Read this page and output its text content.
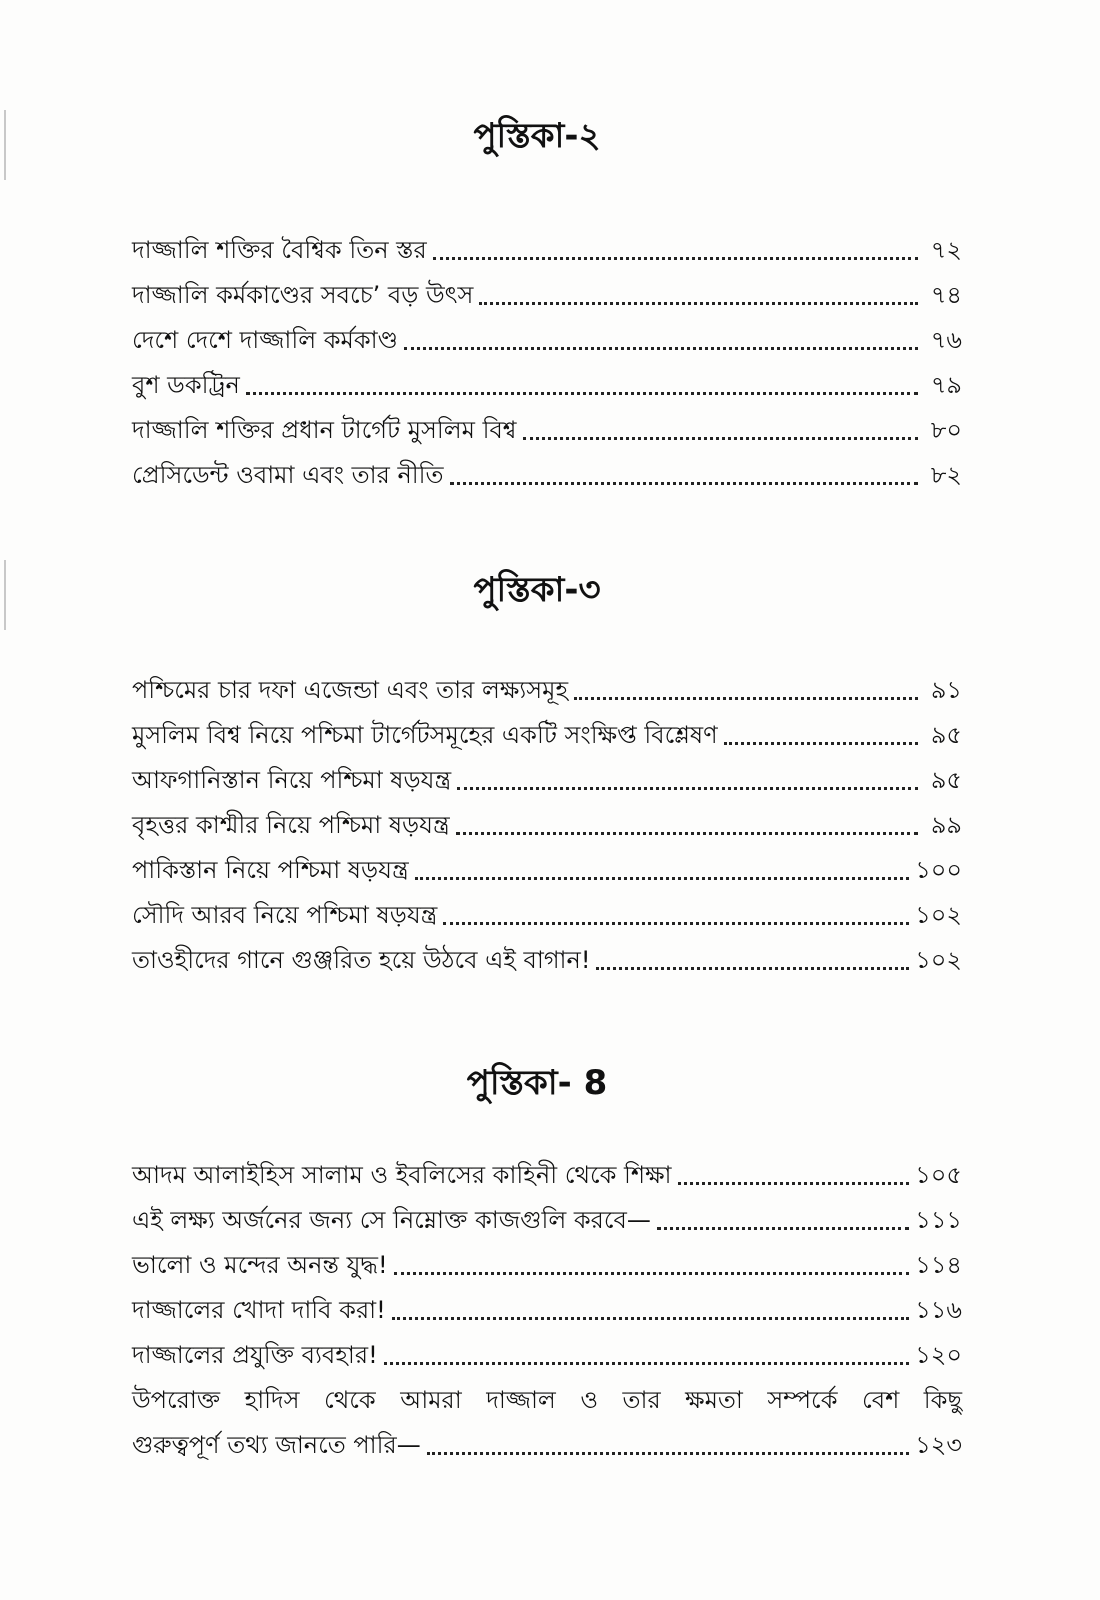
পুস্তিকা-২
দাজ্জালি শক্তির বৈশ্বিক তিন স্তর	৭২
দাজ্জালি কর্মকাণ্ডের সবচে’ বড় উৎস	৭৪
দেশে দেশে দাজ্জালি কর্মকাণ্ড	৭৬
বুশ ডকট্রিন	৭৯
দাজ্জালি শক্তির প্রধান টার্গেট মুসলিম বিশ্ব	৮০
প্রেসিডেন্ট ওবামা এবং তার নীতি	৮২
পুস্তিকা-৩
পশ্চিমের চার দফা এজেন্ডা এবং তার লক্ষ্যসমূহ	৯১
মুসলিম বিশ্ব নিয়ে পশ্চিমা টার্গেটসমূহের একটি সংক্ষিপ্ত বিশ্লেষণ	৯৫
আফগানিস্তান নিয়ে পশ্চিমা ষড়যন্ত্র	৯৫
বৃহত্তর কাশ্মীর নিয়ে পশ্চিমা ষড়যন্ত্র	৯৯
পাকিস্তান নিয়ে পশ্চিমা ষড়যন্ত্র	১০০
সৌদি আরব নিয়ে পশ্চিমা ষড়যন্ত্র	১০২
তাওহীদের গানে গুঞ্জরিত হয়ে উঠবে এই বাগান!	১০২
পুস্তিকা- 8
আদম আলাইহিস সালাম ও ইবলিসের কাহিনী থেকে শিক্ষা	১০৫
এই লক্ষ্য অর্জনের জন্য সে নিম্নোক্ত কাজগুলি করবে—	১১১
ভালো ও মন্দের অনন্ত যুদ্ধ!	১১৪
দাজ্জালের খোদা দাবি করা!	১১৬
দাজ্জালের প্রযুক্তি ব্যবহার!	১২০
উপরোক্ত হাদিস থেকে আমরা দাজ্জাল ও তার ক্ষমতা সম্পর্কে বেশ কিছু
গুরুত্বপূর্ণ তথ্য জানতে পারি—	১২৩
